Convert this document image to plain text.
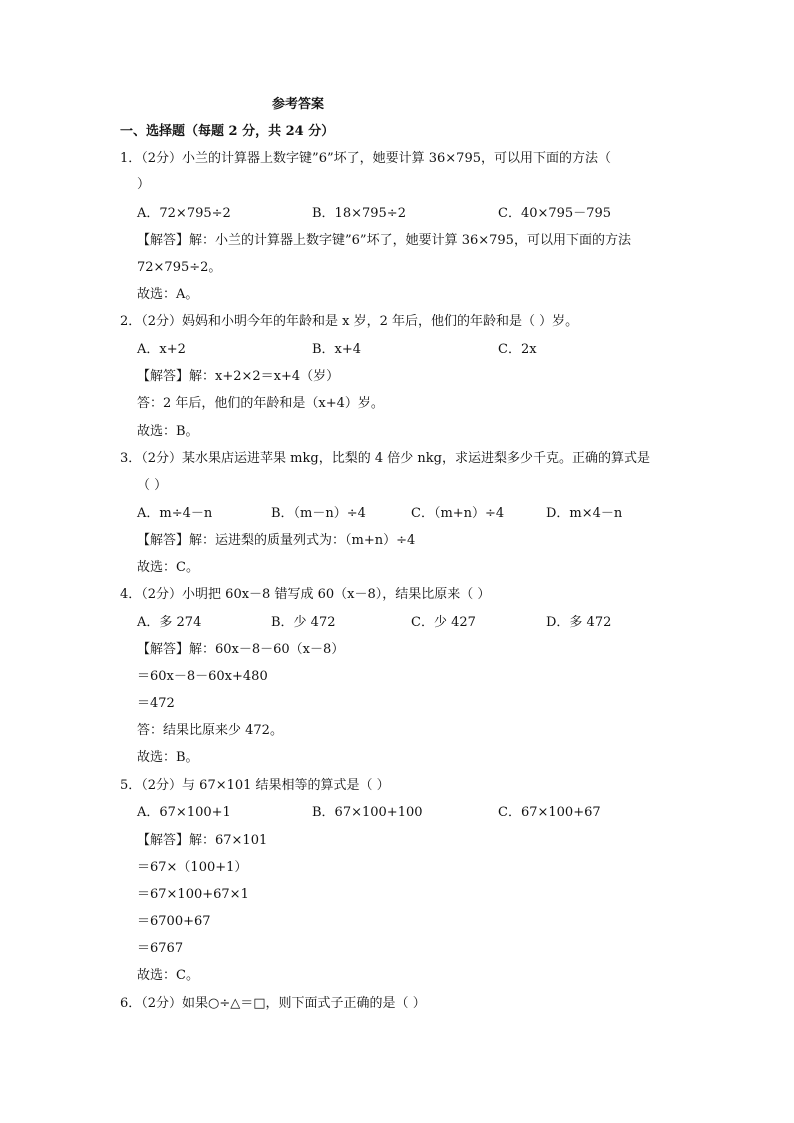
参考答案
一、选择题（每题 2 分，共 24 分）
1．（2分）小兰的计算器上数字键”6”坏了，她要计算 36×795，可以用下面的方法（
）
A．72×795÷2	B．18×795÷2	C．40×795－795
【解答】解：小兰的计算器上数字键”6”坏了，她要计算 36×795，可以用下面的方法
72×795÷2。
故选：A。
2．（2分）妈妈和小明今年的年龄和是 x 岁，2 年后，他们的年龄和是（ ）岁。
A．x+2	B．x+4	C．2x
【解答】解：x+2×2＝x+4（岁）
答：2 年后，他们的年龄和是（x+4）岁。
故选：B。
3．（2分）某水果店运进苹果 mkg，比梨的 4 倍少 nkg，求运进梨多少千克。正确的算式是
（ ）
A．m÷4－n	B．（m－n）÷4	C．（m+n）÷4	D．m×4－n
【解答】解：运进梨的质量列式为：（m+n）÷4
故选：C。
4．（2分）小明把 60x－8 错写成 60（x－8），结果比原来（ ）
A．多 274	B．少 472	C．少 427	D．多 472
【解答】解：60x－8－60（x－8）
＝60x－8－60x+480
＝472
答：结果比原来少 472。
故选：B。
5．（2分）与 67×101 结果相等的算式是（ ）
A．67×100+1	B．67×100+100	C．67×100+67
【解答】解：67×101
＝67×（100+1）
＝67×100+67×1
＝6700+67
＝6767
故选：C。
6．（2分）如果○÷△＝□，则下面式子正确的是（ ）
